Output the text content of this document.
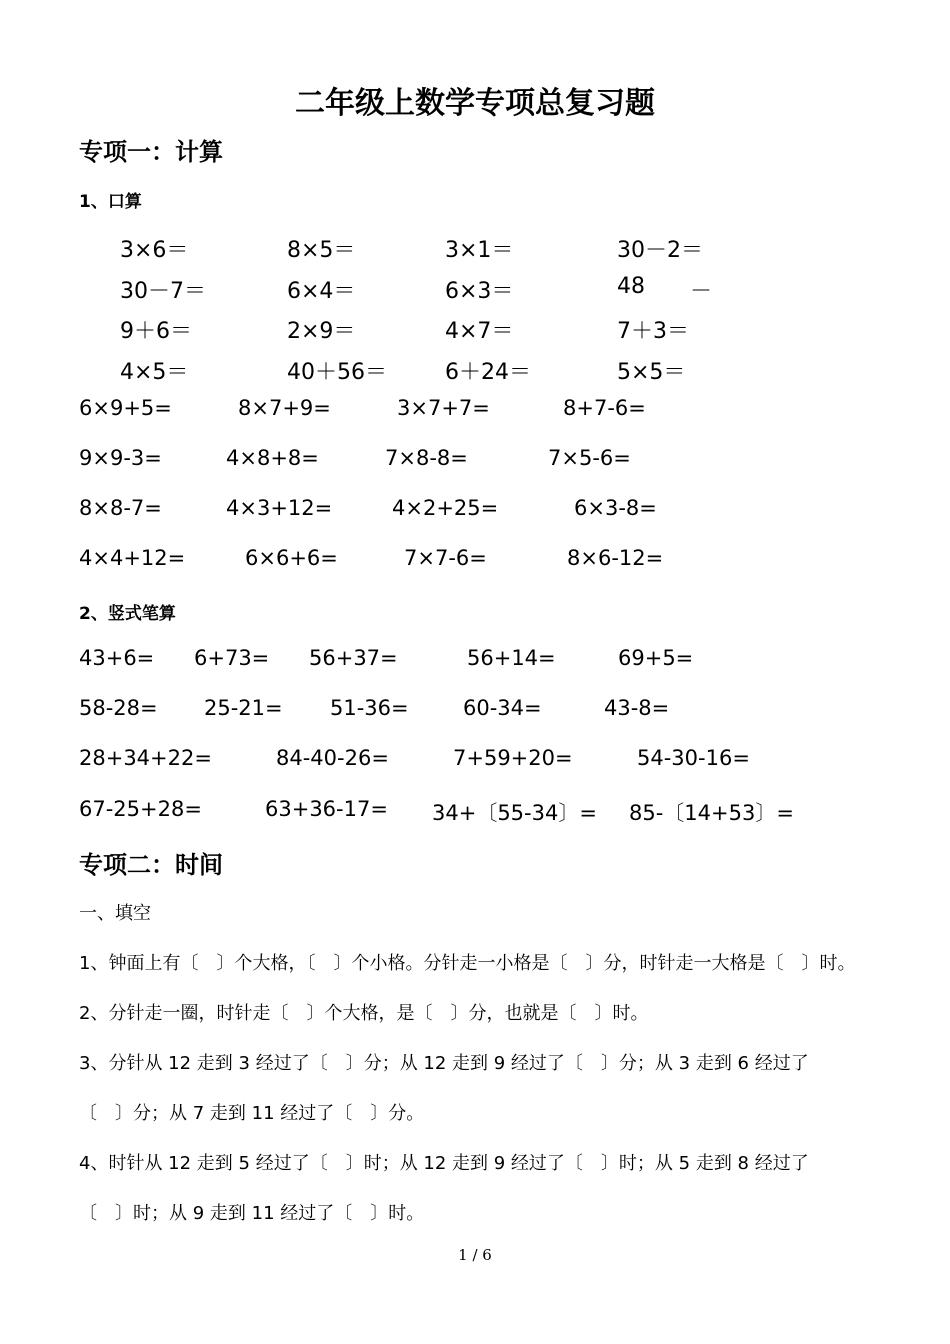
二年级上数学专项总复习题
专项一：计算
1、口算
3×6＝	8×5＝	3×1＝	30－2＝
30－7＝	6×4＝	6×3＝	48 －
9＋6＝	2×9＝	4×7＝	7＋3＝
4×5＝	40＋56＝	6＋24＝	5×5＝
6×9+5=	8×7+9=	3×7+7=	8+7-6=
9×9-3=	4×8+8=	7×8-8=	7×5-6=
8×8-7=	4×3+12=	4×2+25=	6×3-8=
4×4+12=	6×6+6=	7×7-6=	8×6-12=
2、竖式笔算
43+6= 6+73= 56+37=	56+14=	69+5=
58-28= 25-21= 51-36=	60-34=	43-8=
28+34+22=	84-40-26=	7+59+20=	54-30-16=
67-25+28=	63+36-17= 34+〔55-34〕= 85-〔14+53〕=
专项二：时间
一、填空
1、钟面上有〔　〕个大格，〔　〕个小格。分针走一小格是〔　〕分，时针走一大格是〔　〕时。
2、分针走一圈，时针走〔　〕个大格，是〔　〕分，也就是〔　〕时。
3、分针从 12 走到 3 经过了〔　〕分；从 12 走到 9 经过了〔　〕分；从 3 走到 6 经过了
〔　〕分；从 7 走到 11 经过了〔　〕分。
4、时针从 12 走到 5 经过了〔　〕时；从 12 走到 9 经过了〔　〕时；从 5 走到 8 经过了
〔　〕时；从 9 走到 11 经过了〔　〕时。
1 / 6
